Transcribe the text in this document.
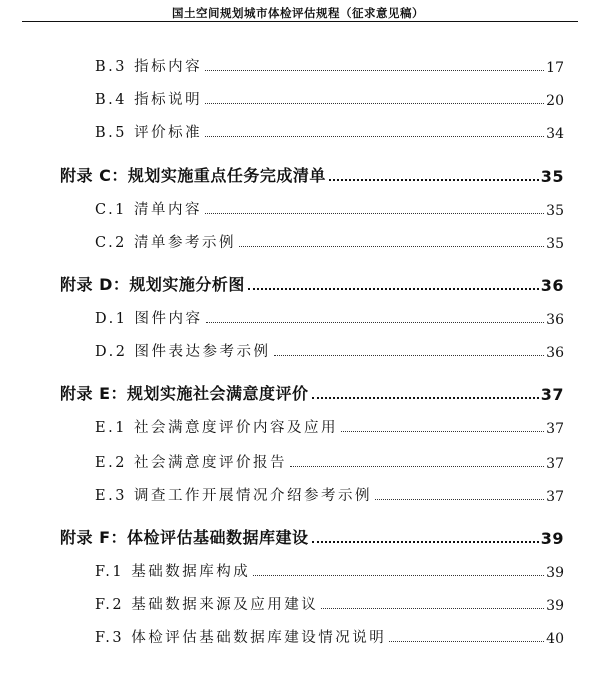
国土空间规划城市体检评估规程（征求意见稿）
B.3 指标内容	17
B.4 指标说明	20
B.5 评价标准	34
附录 C：规划实施重点任务完成清单	35
C.1 清单内容	35
C.2 清单参考示例	35
附录 D：规划实施分析图	36
D.1 图件内容	36
D.2 图件表达参考示例	36
附录 E：规划实施社会满意度评价	37
E.1 社会满意度评价内容及应用	37
E.2 社会满意度评价报告	37
E.3 调查工作开展情况介绍参考示例	37
附录 F：体检评估基础数据库建设	39
F.1 基础数据库构成	39
F.2 基础数据来源及应用建议	39
F.3 体检评估基础数据库建设情况说明	40
